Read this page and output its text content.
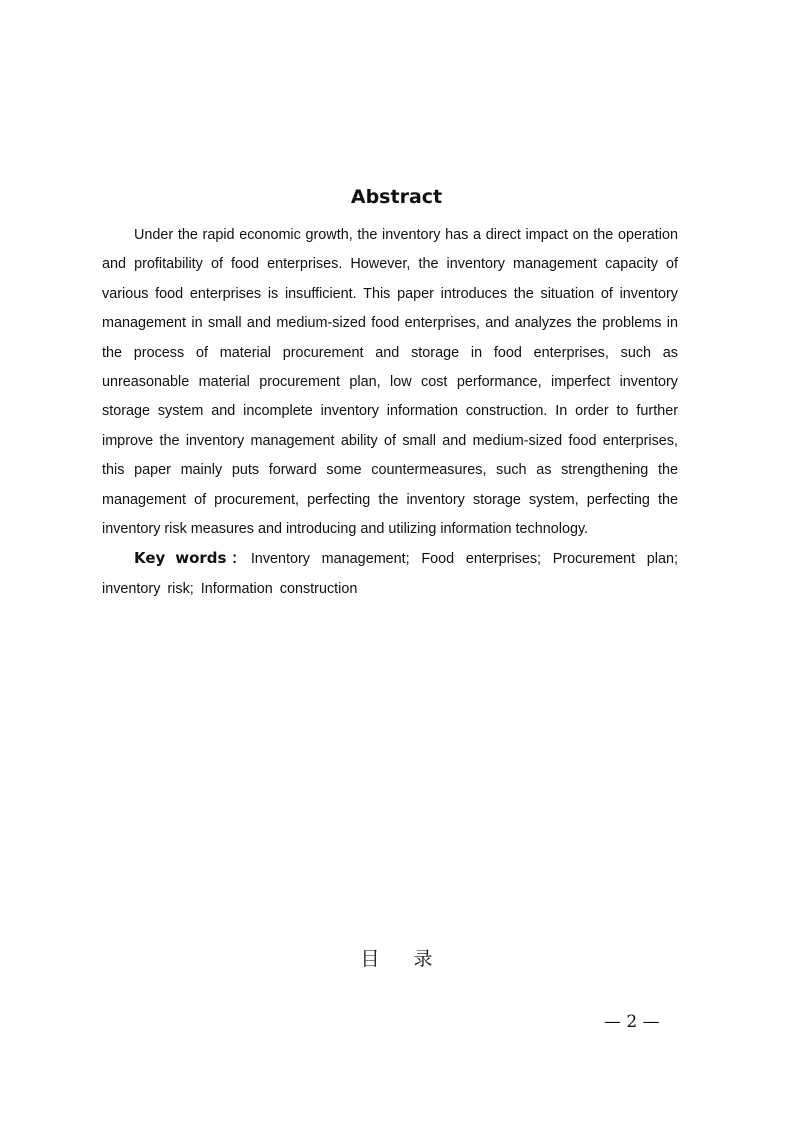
Abstract

Under the rapid economic growth, the inventory has a direct impact on the operation and profitability of food enterprises. However, the inventory management capacity of various food enterprises is insufficient. This paper introduces the situation of inventory management in small and medium-sized food enterprises, and analyzes the problems in the process of material procurement and storage in food enterprises, such as unreasonable material procurement plan, low cost performance, imperfect inventory storage system and incomplete inventory information construction. In order to further improve the inventory management ability of small and medium-sized food enterprises, this paper mainly puts forward some countermeasures, such as strengthening the management of procurement, perfecting the inventory storage system, perfecting the inventory risk measures and introducing and utilizing information technology.

Key words：Inventory management; Food enterprises; Procurement plan; inventory risk; Information construction

目录
— 2 —
